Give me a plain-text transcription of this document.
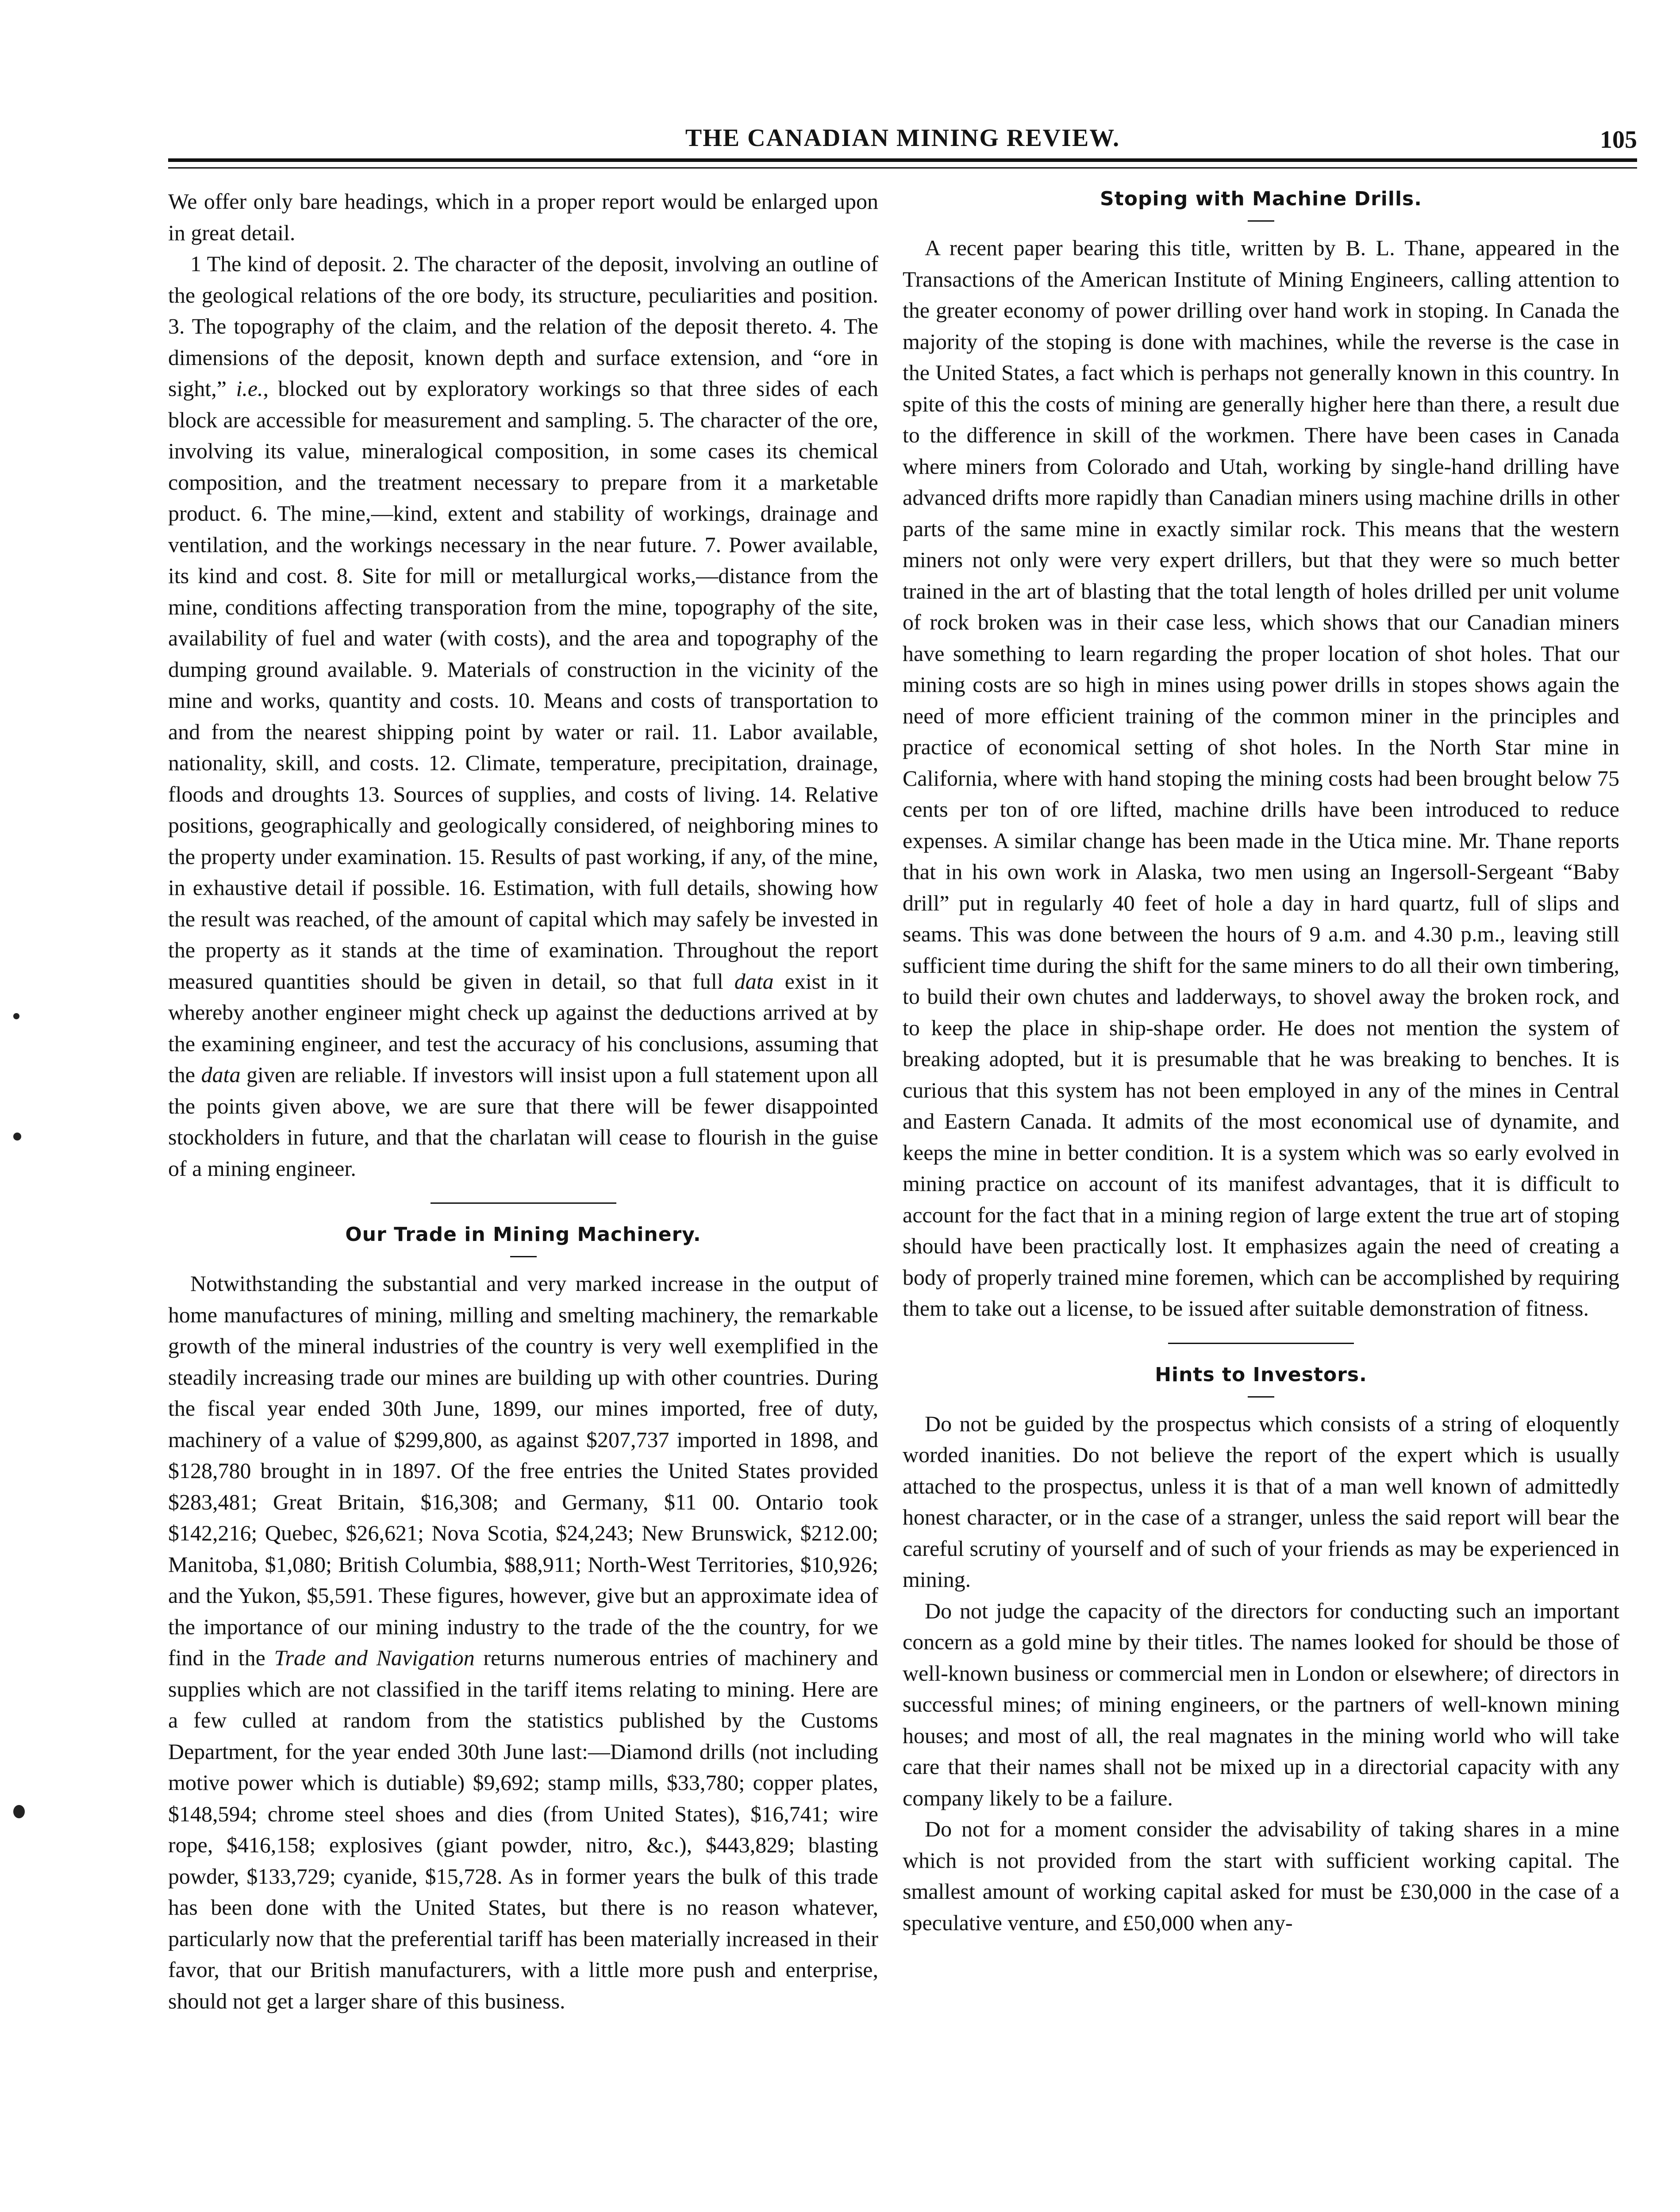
THE CANADIAN MINING REVIEW.	105

We offer only bare headings, which in a proper report would be enlarged upon in great detail.

1 The kind of deposit. 2. The character of the deposit, involving an outline of the geological relations of the ore body, its structure, peculiarities and position. 3. The topography of the claim, and the relation of the deposit thereto. 4. The dimensions of the deposit, known depth and surface extension, and “ore in sight,” i.e., blocked out by exploratory workings so that three sides of each block are accessible for measurement and sampling. 5. The character of the ore, involving its value, mineralogical composition, in some cases its chemical composition, and the treatment necessary to prepare from it a marketable product. 6. The mine,—kind, extent and stability of workings, drainage and ventilation, and the workings necessary in the near future. 7. Power available, its kind and cost. 8. Site for mill or metallurgical works,—distance from the mine, conditions affecting transporation from the mine, topography of the site, availability of fuel and water (with costs), and the area and topography of the dumping ground available. 9. Materials of construction in the vicinity of the mine and works, quantity and costs. 10. Means and costs of transportation to and from the nearest shipping point by water or rail. 11. Labor available, nationality, skill, and costs. 12. Climate, temperature, precipitation, drainage, floods and droughts 13. Sources of supplies, and costs of living. 14. Relative positions, geographically and geologically considered, of neighboring mines to the property under examination. 15. Results of past working, if any, of the mine, in exhaustive detail if possible. 16. Estimation, with full details, showing how the result was reached, of the amount of capital which may safely be invested in the property as it stands at the time of examination. Throughout the report measured quantities should be given in detail, so that full data exist in it whereby another engineer might check up against the deductions arrived at by the examining engineer, and test the accuracy of his conclusions, assuming that the data given are reliable. If investors will insist upon a full statement upon all the points given above, we are sure that there will be fewer disappointed stockholders in future, and that the charlatan will cease to flourish in the guise of a mining engineer.

Our Trade in Mining Machinery.

Notwithstanding the substantial and very marked increase in the output of home manufactures of mining, milling and smelting machinery, the remarkable growth of the mineral industries of the country is very well exemplified in the steadily increasing trade our mines are building up with other countries. During the fiscal year ended 30th June, 1899, our mines imported, free of duty, machinery of a value of $299,800, as against $207,737 imported in 1898, and $128,780 brought in in 1897. Of the free entries the United States provided $283,481; Great Britain, $16,308; and Germany, $11 00. Ontario took $142,216; Quebec, $26,621; Nova Scotia, $24,243; New Brunswick, $212.00; Manitoba, $1,080; British Columbia, $88,911; North-West Territories, $10,926; and the Yukon, $5,591. These figures, however, give but an approximate idea of the importance of our mining industry to the trade of the the country, for we find in the Trade and Navigation returns numerous entries of machinery and supplies which are not classified in the tariff items relating to mining. Here are a few culled at random from the statistics published by the Customs Department, for the year ended 30th June last:—Diamond drills (not including motive power which is dutiable) $9,692; stamp mills, $33,780; copper plates, $148,594; chrome steel shoes and dies (from United States), $16,741; wire rope, $416,158; explosives (giant powder, nitro, &c.), $443,829; blasting powder, $133,729; cyanide, $15,728. As in former years the bulk of this trade has been done with the United States, but there is no reason whatever, particularly now that the preferential tariff has been materially increased in their favor, that our British manufacturers, with a little more push and enterprise, should not get a larger share of this business.

Stoping with Machine Drills.

A recent paper bearing this title, written by B. L. Thane, appeared in the Transactions of the American Institute of Mining Engineers, calling attention to the greater economy of power drilling over hand work in stoping. In Canada the majority of the stoping is done with machines, while the reverse is the case in the United States, a fact which is perhaps not generally known in this country. In spite of this the costs of mining are generally higher here than there, a result due to the difference in skill of the workmen. There have been cases in Canada where miners from Colorado and Utah, working by single-hand drilling have advanced drifts more rapidly than Canadian miners using machine drills in other parts of the same mine in exactly similar rock. This means that the western miners not only were very expert drillers, but that they were so much better trained in the art of blasting that the total length of holes drilled per unit volume of rock broken was in their case less, which shows that our Canadian miners have something to learn regarding the proper location of shot holes. That our mining costs are so high in mines using power drills in stopes shows again the need of more efficient training of the common miner in the principles and practice of economical setting of shot holes. In the North Star mine in California, where with hand stoping the mining costs had been brought below 75 cents per ton of ore lifted, machine drills have been introduced to reduce expenses. A similar change has been made in the Utica mine. Mr. Thane reports that in his own work in Alaska, two men using an Ingersoll-Sergeant “Baby drill” put in regularly 40 feet of hole a day in hard quartz, full of slips and seams. This was done between the hours of 9 a.m. and 4.30 p.m., leaving still sufficient time during the shift for the same miners to do all their own timbering, to build their own chutes and ladderways, to shovel away the broken rock, and to keep the place in ship-shape order. He does not mention the system of breaking adopted, but it is presumable that he was breaking to benches. It is curious that this system has not been employed in any of the mines in Central and Eastern Canada. It admits of the most economical use of dynamite, and keeps the mine in better condition. It is a system which was so early evolved in mining practice on account of its manifest advantages, that it is difficult to account for the fact that in a mining region of large extent the true art of stoping should have been practically lost. It emphasizes again the need of creating a body of properly trained mine foremen, which can be accomplished by requiring them to take out a license, to be issued after suitable demonstration of fitness.

Hints to Investors.

Do not be guided by the prospectus which consists of a string of eloquently worded inanities. Do not believe the report of the expert which is usually attached to the prospectus, unless it is that of a man well known of admittedly honest character, or in the case of a stranger, unless the said report will bear the careful scrutiny of yourself and of such of your friends as may be experienced in mining.

Do not judge the capacity of the directors for conducting such an important concern as a gold mine by their titles. The names looked for should be those of well-known business or commercial men in London or elsewhere; of directors in successful mines; of mining engineers, or the partners of well-known mining houses; and most of all, the real magnates in the mining world who will take care that their names shall not be mixed up in a directorial capacity with any company likely to be a failure.

Do not for a moment consider the advisability of taking shares in a mine which is not provided from the start with sufficient working capital. The smallest amount of working capital asked for must be £30,000 in the case of a speculative venture, and £50,000 when any-
